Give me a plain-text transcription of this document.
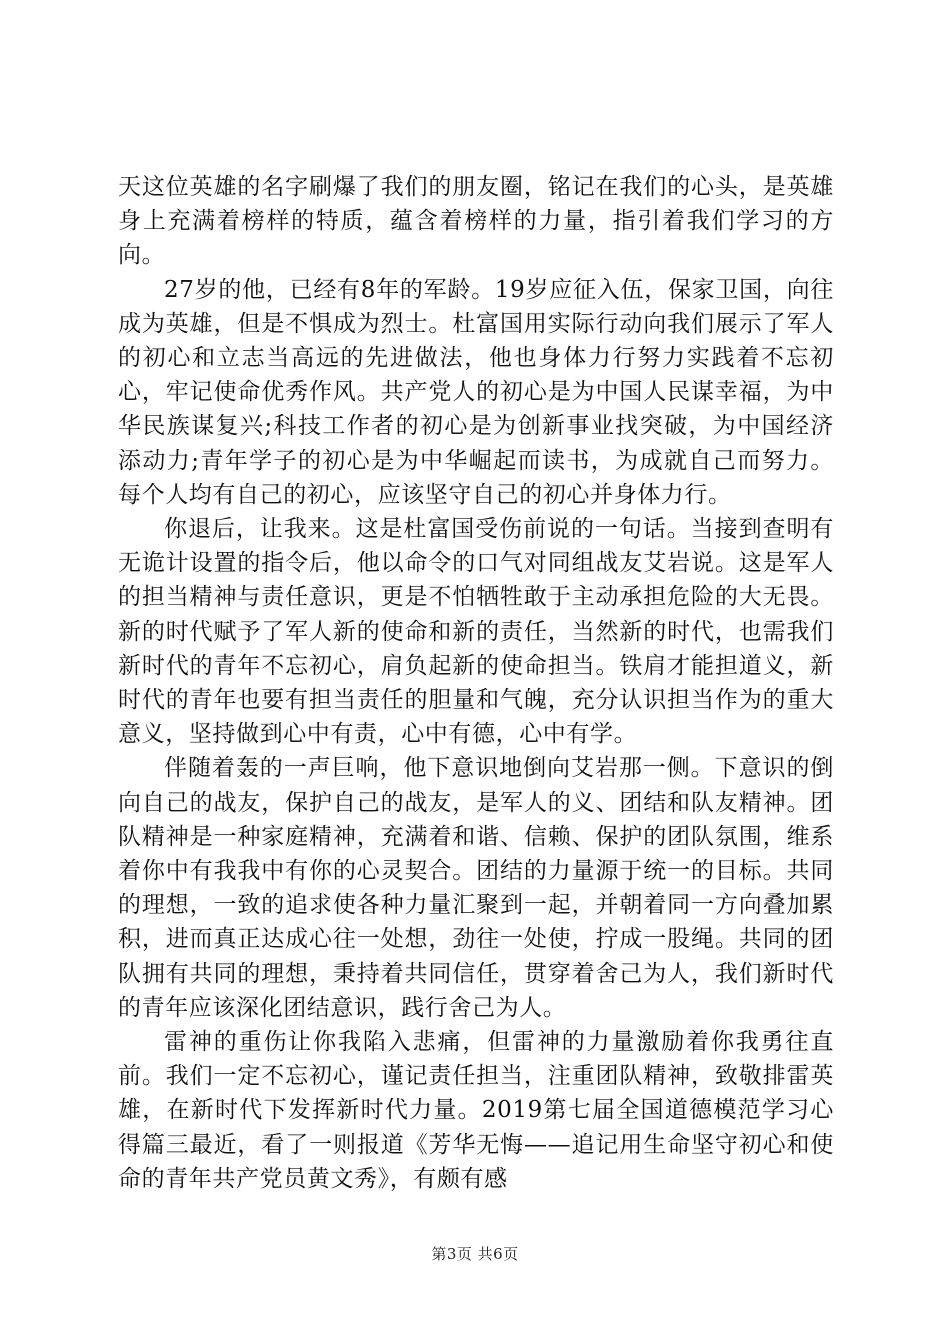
天这位英雄的名字刷爆了我们的朋友圈，铭记在我们的心头，是英雄身上充满着榜样的特质，蕴含着榜样的力量，指引着我们学习的方向。

27岁的他，已经有8年的军龄。19岁应征入伍，保家卫国，向往成为英雄，但是不惧成为烈士。杜富国用实际行动向我们展示了军人的初心和立志当高远的先进做法，他也身体力行努力实践着不忘初心，牢记使命优秀作风。共产党人的初心是为中国人民谋幸福，为中华民族谋复兴;科技工作者的初心是为创新事业找突破，为中国经济添动力;青年学子的初心是为中华崛起而读书，为成就自己而努力。每个人均有自己的初心，应该坚守自己的初心并身体力行。

你退后，让我来。这是杜富国受伤前说的一句话。当接到查明有无诡计设置的指令后，他以命令的口气对同组战友艾岩说。这是军人的担当精神与责任意识，更是不怕牺牲敢于主动承担危险的大无畏。新的时代赋予了军人新的使命和新的责任，当然新的时代，也需我们新时代的青年不忘初心，肩负起新的使命担当。铁肩才能担道义，新时代的青年也要有担当责任的胆量和气魄，充分认识担当作为的重大意义，坚持做到心中有责，心中有德，心中有学。

伴随着轰的一声巨响，他下意识地倒向艾岩那一侧。下意识的倒向自己的战友，保护自己的战友，是军人的义、团结和队友精神。团队精神是一种家庭精神，充满着和谐、信赖、保护的团队氛围，维系着你中有我我中有你的心灵契合。团结的力量源于统一的目标。共同的理想，一致的追求使各种力量汇聚到一起，并朝着同一方向叠加累积，进而真正达成心往一处想，劲往一处使，拧成一股绳。共同的团队拥有共同的理想，秉持着共同信任，贯穿着舍己为人，我们新时代的青年应该深化团结意识，践行舍己为人。

雷神的重伤让你我陷入悲痛，但雷神的力量激励着你我勇往直前。我们一定不忘初心，谨记责任担当，注重团队精神，致敬排雷英雄，在新时代下发挥新时代力量。2019第七届全国道德模范学习心得篇三最近，看了一则报道《芳华无悔——追记用生命坚守初心和使命的青年共产党员黄文秀》，有颇有感

第3页 共6页
